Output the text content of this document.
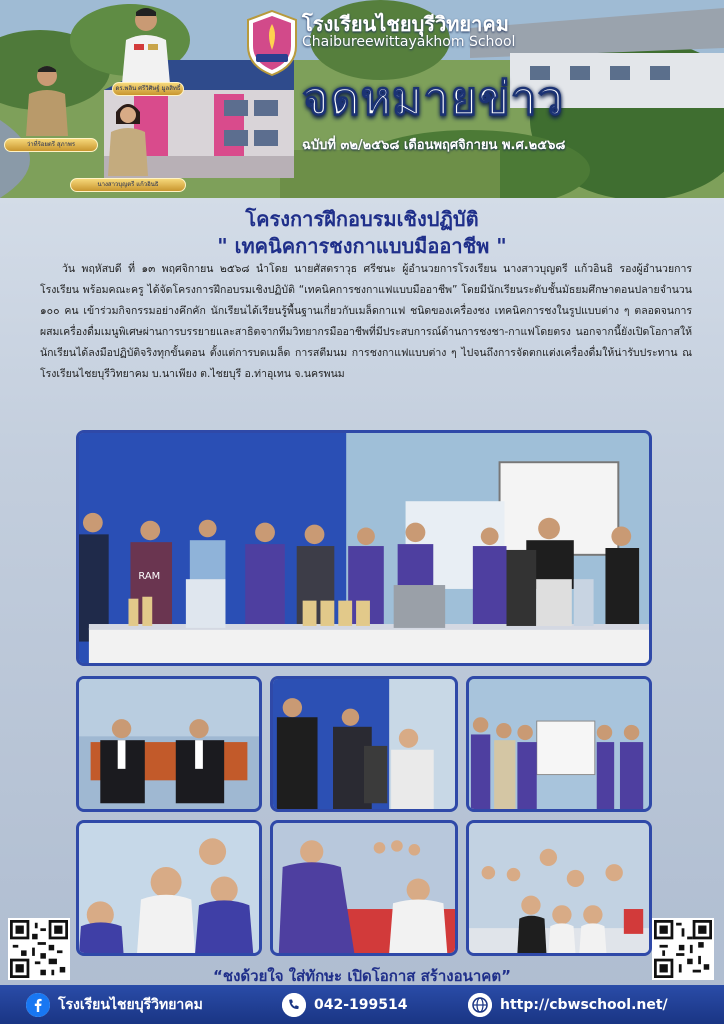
ดร.พลิน ศรีวิศิษฐ์ มูลสิทธิ์
ว่าที่ร้อยตรี สุภาพร
นางสาวบุญตรี แก้วอินธิ
โรงเรียนไชยบุรีวิทยาคม
Chaibureewittayakhom School
จดหมายข่าว
ฉบับที่ ๓๒/๒๕๖๘ เดือนพฤศจิกายน พ.ศ.๒๕๖๘
โครงการฝึกอบรมเชิงปฏิบัติ
" เทคนิคการชงกาแบบมืออาชีพ "

วัน พฤหัสบดี ที่ ๑๓ พฤศจิกายน ๒๕๖๘ นำโดย นายศัสตราวุธ ศรีชนะ ผู้อำนวยการโรงเรียน นางสาวบุญตรี แก้วอินธิ รองผู้อำนวยการโรงเรียน พร้อมคณะครู ได้จัดโครงการฝึกอบรมเชิงปฏิบัติ “เทคนิคการชงกาแฟแบบมืออาชีพ” โดยมีนักเรียนระดับชั้นมัธยมศึกษาตอนปลายจำนวน ๑๐๐ คน เข้าร่วมกิจกรรมอย่างคึกคัก นักเรียนได้เรียนรู้พื้นฐานเกี่ยวกับเมล็ดกาแฟ ชนิดของเครื่องชง เทคนิคการชงในรูปแบบต่าง ๆ ตลอดจนการผสมเครื่องดื่มเมนูพิเศษผ่านการบรรยายและสาธิตจากทีมวิทยากรมืออาชีพที่มีประสบการณ์ด้านการชงชา-กาแฟโดยตรง นอกจากนี้ยังเปิดโอกาสให้นักเรียนได้ลงมือปฏิบัติจริงทุกขั้นตอน ตั้งแต่การบดเมล็ด การสตีมนม การชงกาแฟแบบต่าง ๆ ไปจนถึงการจัดตกแต่งเครื่องดื่มให้น่ารับประทาน ณ โรงเรียนไชยบุรีวิทยาคม บ.นาเพียง ต.ไชยบุรี อ.ท่าอุเทน จ.นครพนม

RAM
“ชงด้วยใจ ใส่ทักษะ เปิดโอกาส สร้างอนาคต”
โรงเรียนไชยบุรีวิทยาคม	042-199514	http://cbwschool.net/
